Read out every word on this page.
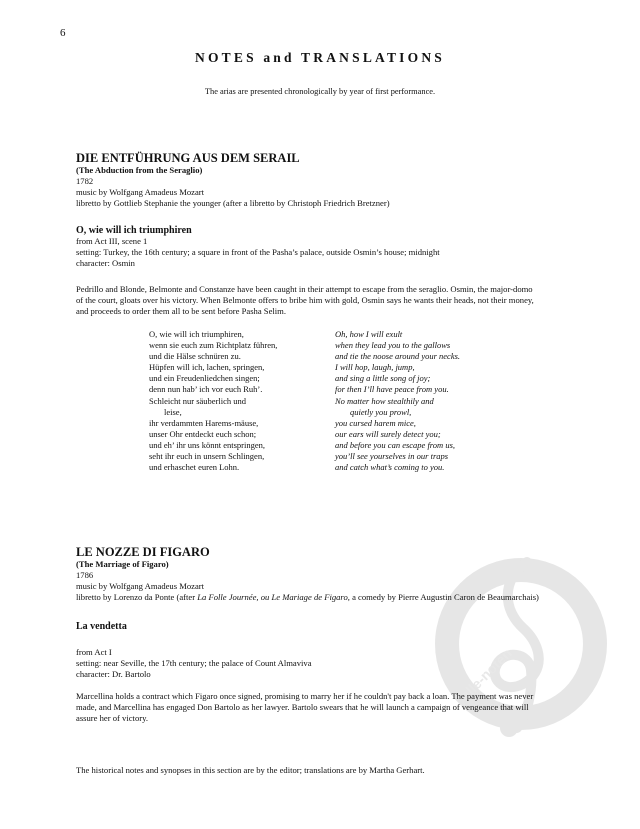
6
NOTES and TRANSLATIONS
The arias are presented chronologically by year of first performance.
DIE ENTFÜHRUNG AUS DEM SERAIL
(The Abduction from the Seraglio)
1782
music by Wolfgang Amadeus Mozart
libretto by Gottlieb Stephanie the younger (after a libretto by Christoph Friedrich Bretzner)
O, wie will ich triumphiren
from Act III, scene 1
setting: Turkey, the 16th century; a square in front of the Pasha’s palace, outside Osmin’s house; midnight
character: Osmin
Pedrillo and Blonde, Belmonte and Constanze have been caught in their attempt to escape from the seraglio. Osmin, the major-domo
of the court, gloats over his victory. When Belmonte offers to bribe him with gold, Osmin says he wants their heads, not their money,
and proceeds to order them all to be sent before Pasha Selim.
O, wie will ich triumphiren,
wenn sie euch zum Richtplatz führen,
und die Hälse schnüren zu.
Hüpfen will ich, lachen, springen,
und ein Freudenliedchen singen;
denn nun hab’ ich vor euch Ruh’.
Schleicht nur säuberlich und
leise,
ihr verdammten Harems-mäuse,
unser Ohr entdeckt euch schon;
und eh’ ihr uns könnt entspringen,
seht ihr euch in unsern Schlingen,
und erhaschet euren Lohn.
Oh, how I will exult
when they lead you to the gallows
and tie the noose around your necks.
I will hop, laugh, jump,
and sing a little song of joy;
for then I’ll have peace from you.
No matter how stealthily and
quietly you prowl,
you cursed harem mice,
our ears will surely detect you;
and before you can escape from us,
you’ll see yourselves in our traps
and catch what’s coming to you.
alle-noten
LE NOZZE DI FIGARO
(The Marriage of Figaro)
1786
music by Wolfgang Amadeus Mozart
libretto by Lorenzo da Ponte (after La Folle Journée, ou Le Mariage de Figaro, a comedy by Pierre Augustin Caron de Beaumarchais)
La vendetta
from Act I
setting: near Seville, the 17th century; the palace of Count Almaviva
character: Dr. Bartolo
Marcellina holds a contract which Figaro once signed, promising to marry her if he couldn't pay back a loan. The payment was never
made, and Marcellina has engaged Don Bartolo as her lawyer. Bartolo swears that he will launch a campaign of vengeance that will
assure her of victory.
The historical notes and synopses in this section are by the editor; translations are by Martha Gerhart.
